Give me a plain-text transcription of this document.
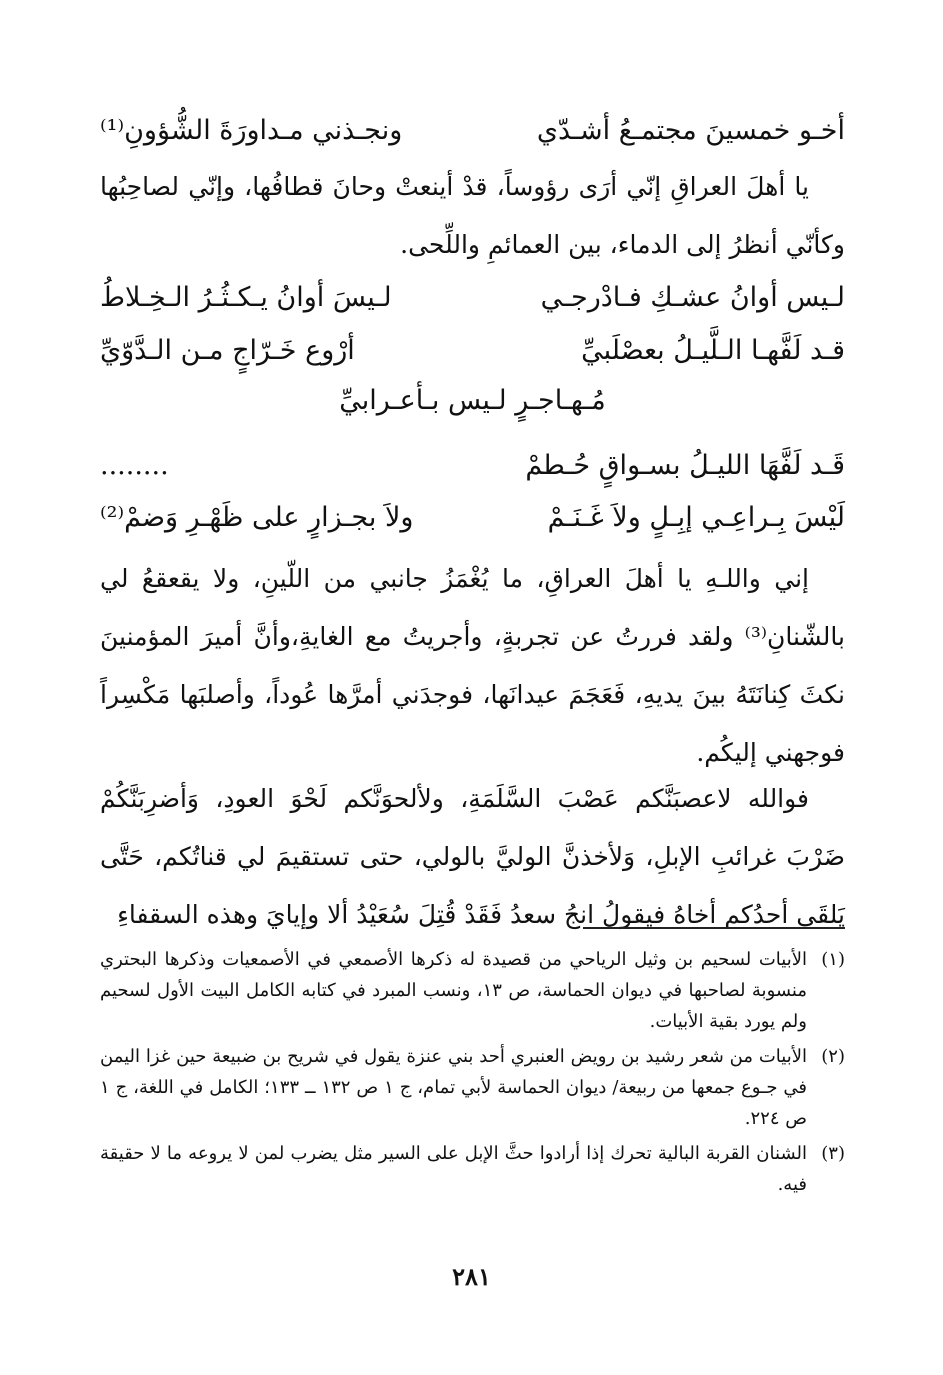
أخـو خمسينَ مجتمـعُ أشـدّي
ونجـذني مـداورَةَ الشُّؤونِ⁽¹⁾

يا أهلَ العراقِ إنّي أرَى رؤوساً، قدْ أينعتْ وحانَ قطافُها، وإنّي لصاحِبُها وكأنّي أنظرُ إلى الدماء، بين العمائمِ واللِّحى.

لـيس أوانُ عشـكِ فـادْرجـي
لـيسَ أوانُ يـكـثُـرُ الـخِـلاطُ
قـد لَفَّهـا الـلَّيـلُ بعصْلَبيِّ
أرْوع خَـرّاجٍ مـن الـدَّوّيِّ
مُـهـاجـرٍ لـيس بـأعـرابيِّ
قَـد لَفَّهَا الليـلُ بسـواقٍ حُـطمْ
........
لَيْسَ بِـراعِـي إبِـلٍ ولاَ غَـنَـمْ
ولاَ بجـزارٍ على ظَهْـرِ وَضمْ⁽²⁾

إني واللـهِ يا أهلَ العراقِ، ما يُغْمَزُ جانبي من اللّينِ، ولا يقعقعُ لي بالشّنانِ⁽³⁾ ولقد فررتُ عن تجربةٍ، وأجريتُ مع الغايةِ،وأنَّ أميرَ المؤمنينَ نكثَ كِنانَتَهُ بينَ يديهِ، فَعَجَمَ عيدانَها، فوجدَني أمرَّها عُوداً، وأصلبَها مَكْسِراً فوجهني إليكُم.

فوالله لاعصبَنَّكم عَصْبَ السَّلَمَةِ، ولألحوَنَّكم لَحْوَ العودِ، وَأضرِبَنَّكُمْ ضَرْبَ غرائبِ الإبلِ، وَلأخذنَّ الوليَّ بالولي، حتى تستقيمَ لي قناتُكم، حَتَّى يَلقَى أحدُكم أخاهُ فيقولُ انجُ سعدُ فَقَدْ قُتِلَ سُعَيْدُ ألا وإيايَ وهذه السقفاءِ

(١)
الأبيات لسحيم بن وثيل الرياحي من قصيدة له ذكرها الأصمعي في الأصمعيات وذكرها البحتري منسوبة لصاحبها في ديوان الحماسة، ص ١٣، ونسب المبرد في كتابه الكامل البيت الأول لسحيم ولم يورد بقية الأبيات.
(٢)
الأبيات من شعر رشيد بن رويض العنبري أحد بني عنزة يقول في شريح بن ضبيعة حين غزا اليمن في جـوع جمعها من ربيعة/ ديوان الحماسة لأبي تمام، ج ١ ص ١٣٢ ــ ١٣٣؛ الكامل في اللغة، ج ١ ص ٢٢٤.
(٣)
الشنان القربة البالية تحرك إذا أرادوا حثَّ الإبل على السير مثل يضرب لمن لا يروعه ما لا حقيقة فيه.
٢٨١
